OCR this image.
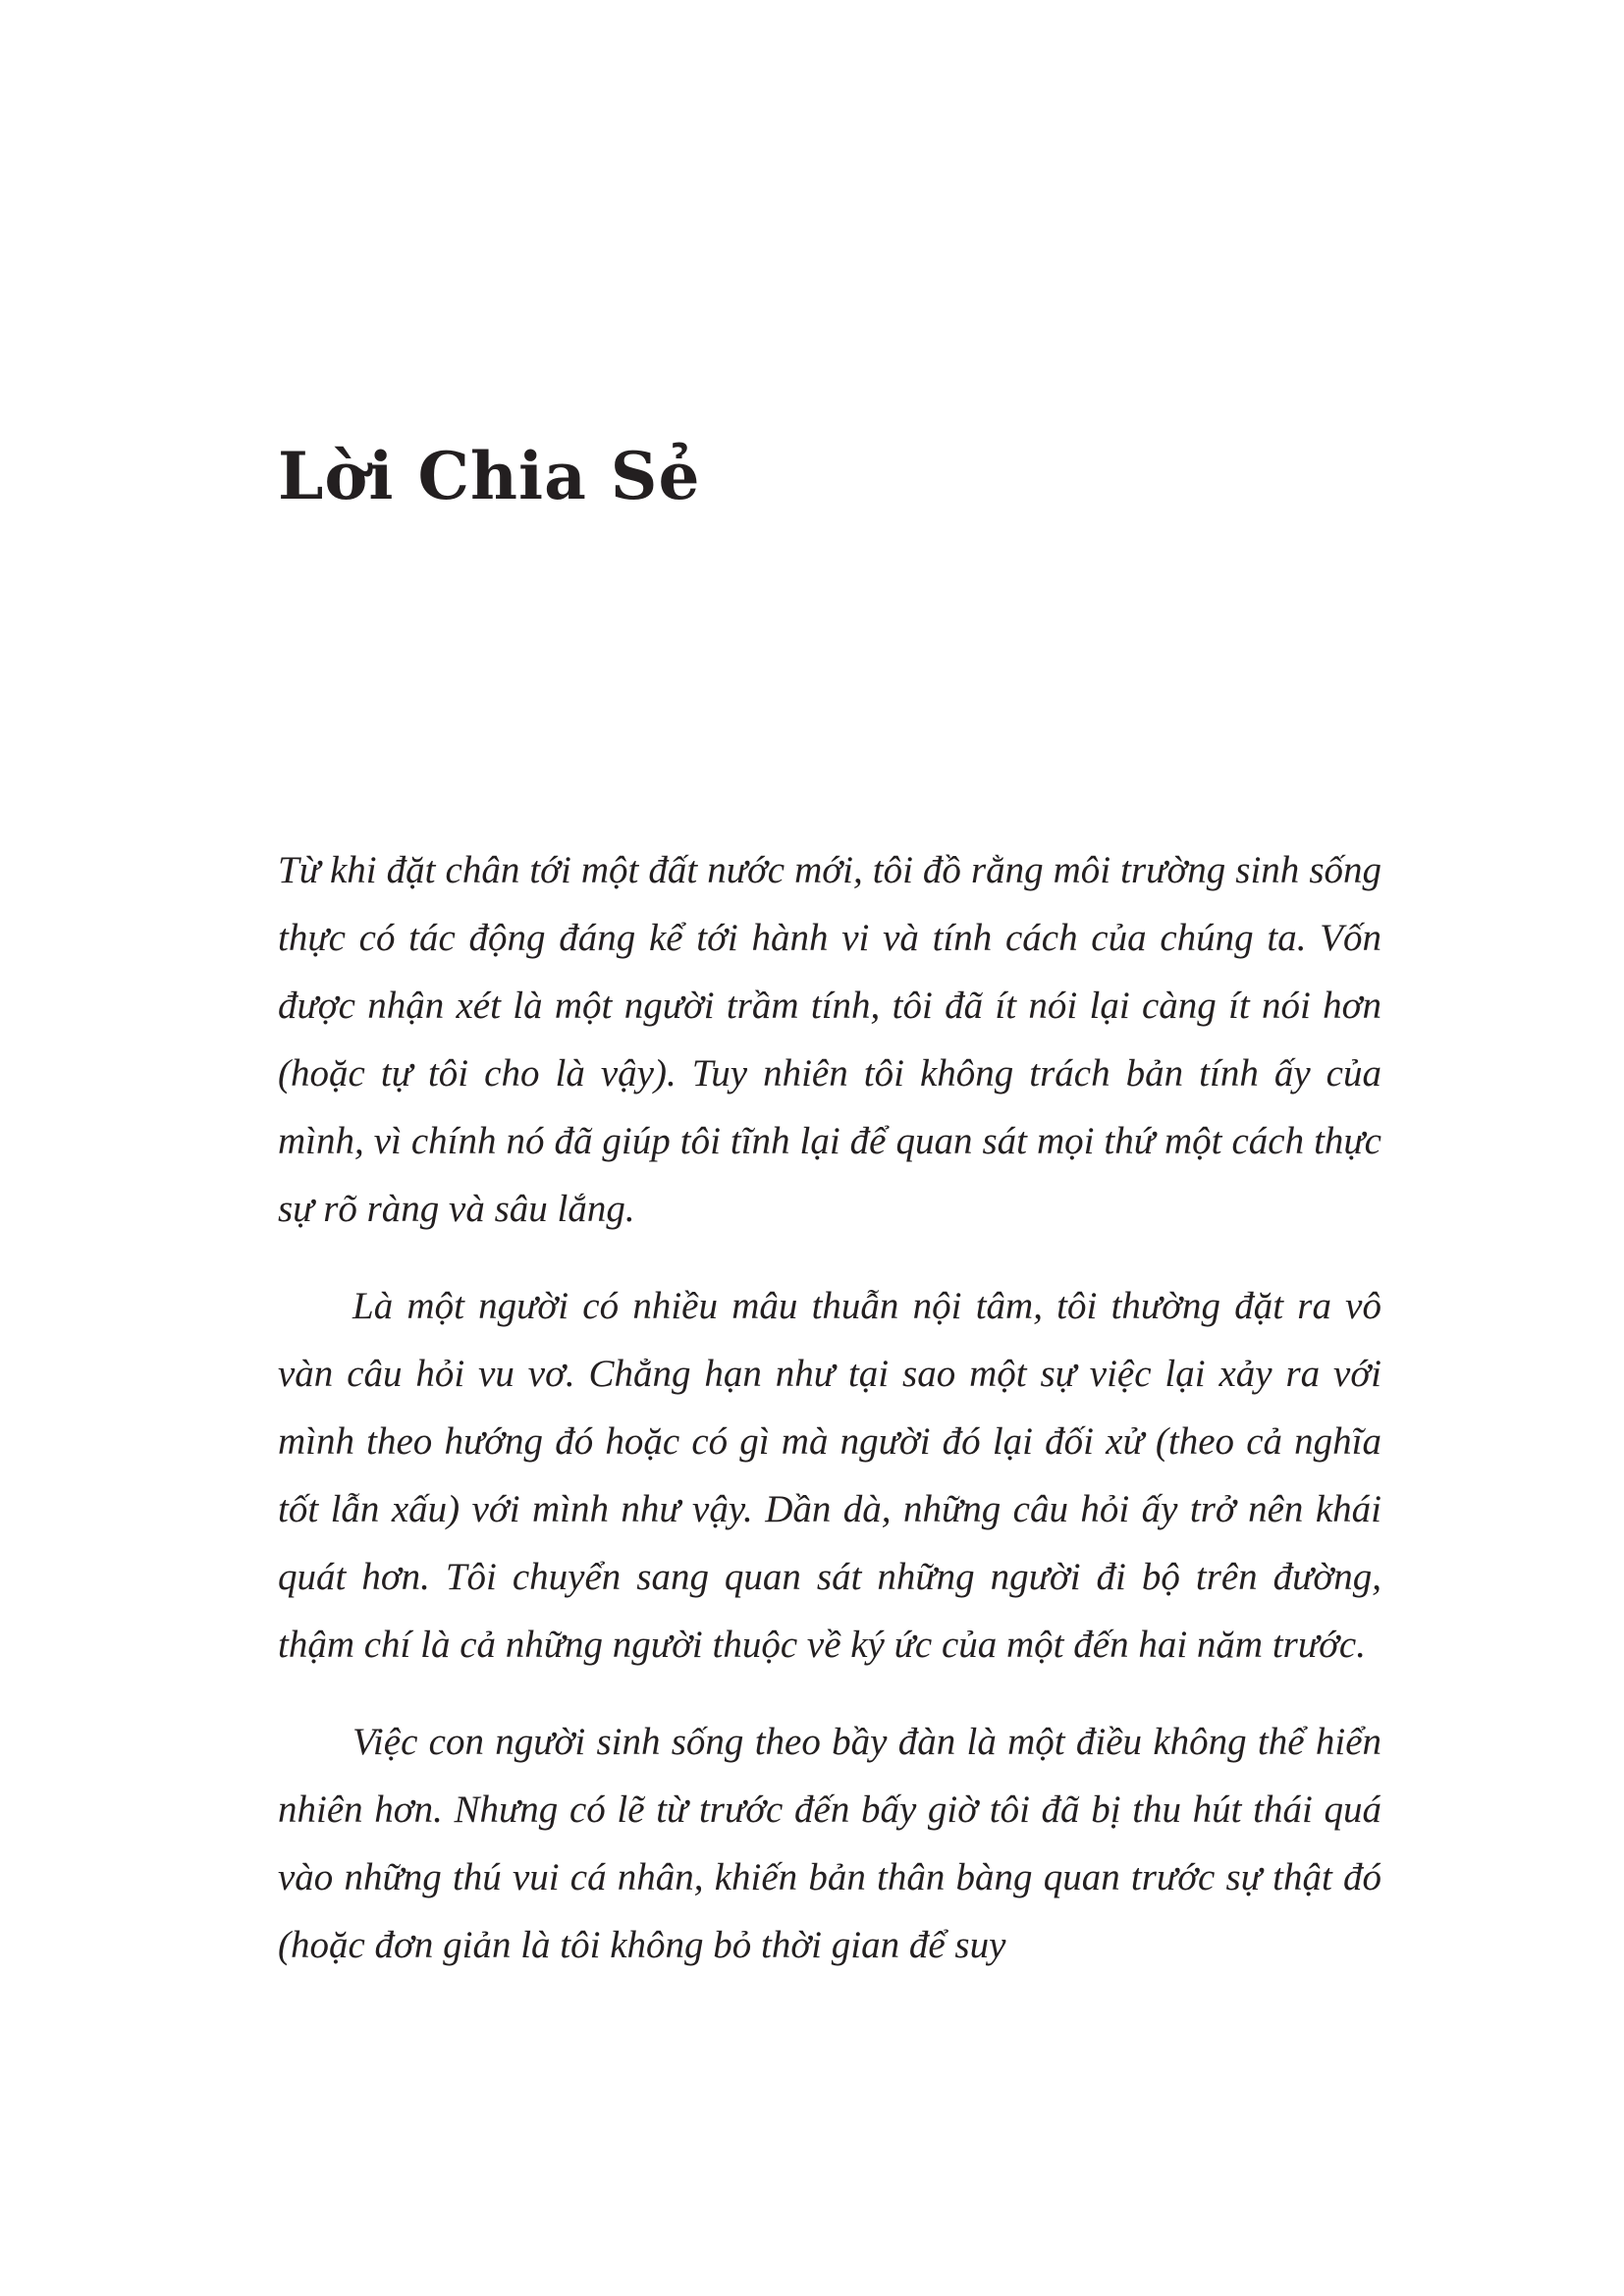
Lời Chia Sẻ

Từ khi đặt chân tới một đất nước mới, tôi đồ rằng môi trường sinh sống thực có tác động đáng kể tới hành vi và tính cách của chúng ta. Vốn được nhận xét là một người trầm tính, tôi đã ít nói lại càng ít nói hơn (hoặc tự tôi cho là vậy). Tuy nhiên tôi không trách bản tính ấy của mình, vì chính nó đã giúp tôi tĩnh lại để quan sát mọi thứ một cách thực sự rõ ràng và sâu lắng.

Là một người có nhiều mâu thuẫn nội tâm, tôi thường đặt ra vô vàn câu hỏi vu vơ. Chẳng hạn như tại sao một sự việc lại xảy ra với mình theo hướng đó hoặc có gì mà người đó lại đối xử (theo cả nghĩa tốt lẫn xấu) với mình như vậy. Dần dà, những câu hỏi ấy trở nên khái quát hơn. Tôi chuyển sang quan sát những người đi bộ trên đường, thậm chí là cả những người thuộc về ký ức của một đến hai năm trước.

Việc con người sinh sống theo bầy đàn là một điều không thể hiển nhiên hơn. Nhưng có lẽ từ trước đến bấy giờ tôi đã bị thu hút thái quá vào những thú vui cá nhân, khiến bản thân bàng quan trước sự thật đó (hoặc đơn giản là tôi không bỏ thời gian để suy
